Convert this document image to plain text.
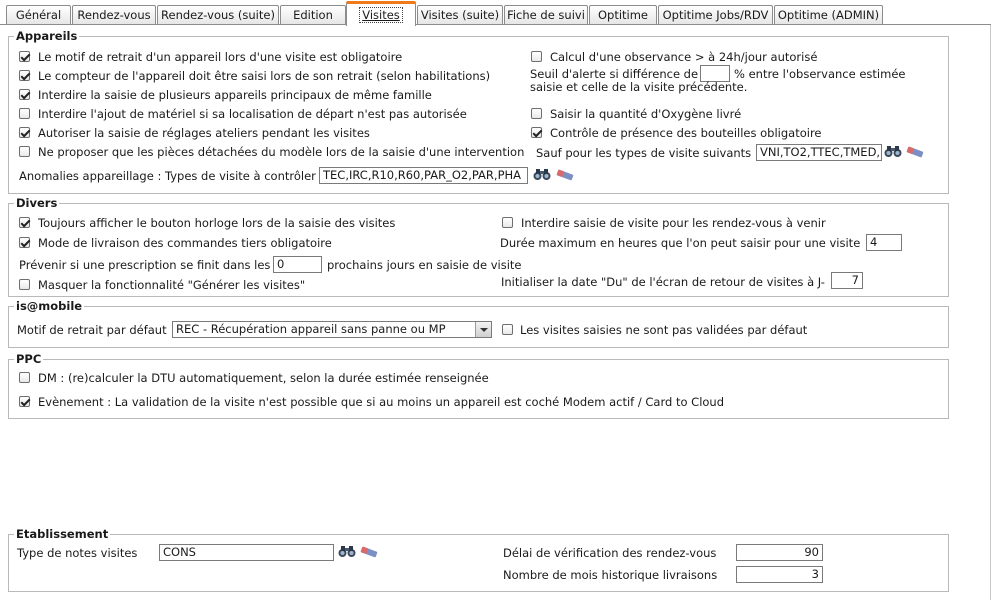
Général	Rendez-vous Rendez-vous (suite)	Edition	Visites	Visites (suite) Fiche de suivi	Optitime	Optitime Jobs/RDV Optitime (ADMIN)
Appareils
Le motif de retrait d'un appareil lors d'une visite est obligatoire
Le compteur de l'appareil doit être saisi lors de son retrait (selon habilitations)
Interdire la saisie de plusieurs appareils principaux de même famille
Interdire l'ajout de matériel si sa localisation de départ n'est pas autorisée
Autoriser la saisie de réglages ateliers pendant les visites
Ne proposer que les pièces détachées du modèle lors de la saisie d'une intervention
Calcul d'une observance > à 24h/jour autorisé
Seuil d'alerte si différence de	% entre l'observance estimée
saisie et celle de la visite précédente.
Saisir la quantité d'Oxygène livré
Contrôle de présence des bouteilles obligatoire
Sauf pour les types de visite suivants VNI,TO2,TTEC,TMED,
Anomalies appareillage : Types de visite à contrôler TEC,IRC,R10,R60,PAR_O2,PAR,PHA
Divers
Toujours afficher le bouton horloge lors de la saisie des visites
Mode de livraison des commandes tiers obligatoire
Prévenir si une prescription se finit dans les 0	prochains jours en saisie de visite
Masquer la fonctionnalité "Générer les visites"
Interdire saisie de visite pour les rendez-vous à venir
Durée maximum en heures que l'on peut saisir pour une visite 4
Initialiser la date "Du" de l'écran de retour de visites à J-	7
is@mobile
Motif de retrait par défaut REC - Récupération appareil sans panne ou MP	Les visites saisies ne sont pas validées par défaut
PPC
DM : (re)calculer la DTU automatiquement, selon la durée estimée renseignée
Evènement : La validation de la visite n'est possible que si au moins un appareil est coché Modem actif / Card to Cloud
Etablissement
Type de notes visites	CONS	Délai de vérification des rendez-vous	90
Nombre de mois historique livraisons	3
